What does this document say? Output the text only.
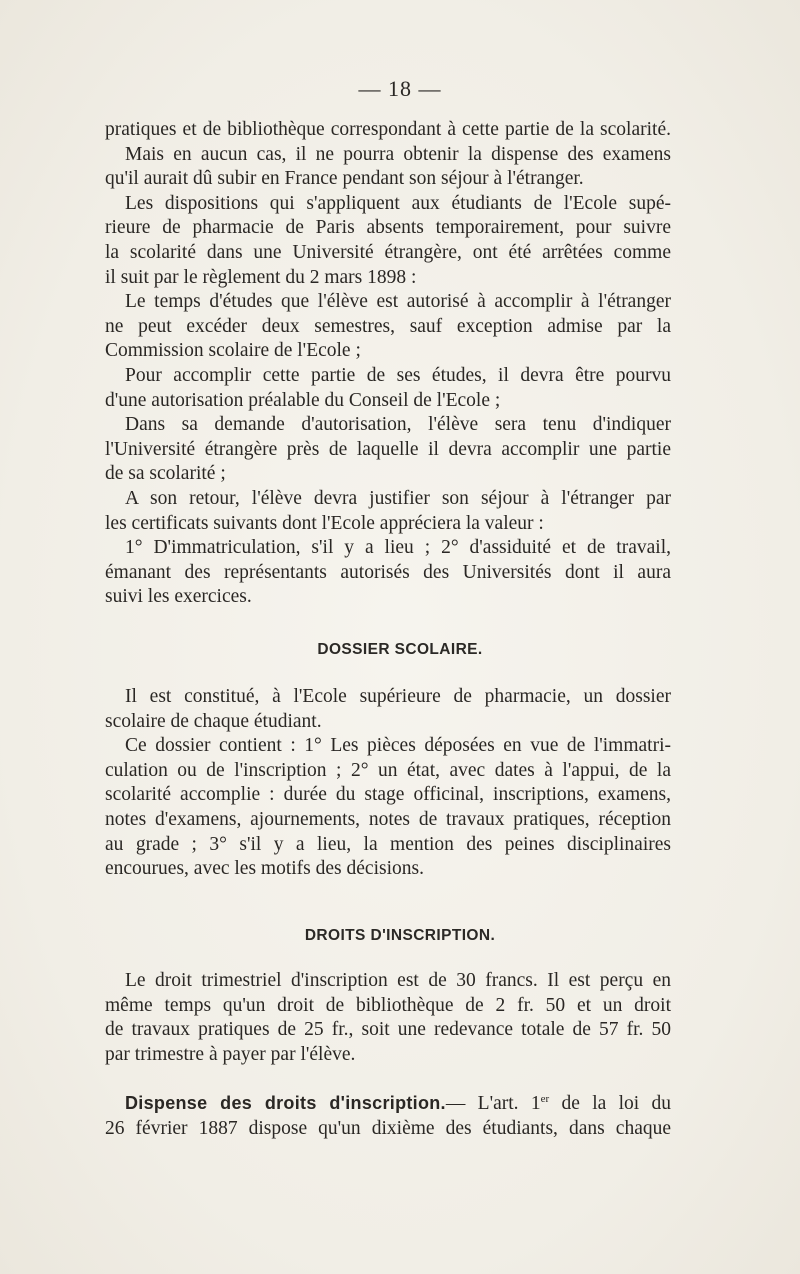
— 18 —
pratiques et de bibliothèque correspondant à cette partie de la scolarité.
Mais en aucun cas, il ne pourra obtenir la dispense des examens
qu'il aurait dû subir en France pendant son séjour à l'étranger.
Les dispositions qui s'appliquent aux étudiants de l'Ecole supé-
rieure de pharmacie de Paris absents temporairement, pour suivre
la scolarité dans une Université étrangère, ont été arrêtées comme
il suit par le règlement du 2 mars 1898 :
Le temps d'études que l'élève est autorisé à accomplir à l'étranger
ne peut excéder deux semestres, sauf exception admise par la
Commission scolaire de l'Ecole ;
Pour accomplir cette partie de ses études, il devra être pourvu
d'une autorisation préalable du Conseil de l'Ecole ;
Dans sa demande d'autorisation, l'élève sera tenu d'indiquer
l'Université étrangère près de laquelle il devra accomplir une partie
de sa scolarité ;
A son retour, l'élève devra justifier son séjour à l'étranger par
les certificats suivants dont l'Ecole appréciera la valeur :
1° D'immatriculation, s'il y a lieu ; 2° d'assiduité et de travail,
émanant des représentants autorisés des Universités dont il aura
suivi les exercices.
DOSSIER SCOLAIRE.
Il est constitué, à l'Ecole supérieure de pharmacie, un dossier
scolaire de chaque étudiant.
Ce dossier contient : 1° Les pièces déposées en vue de l'immatri-
culation ou de l'inscription ; 2° un état, avec dates à l'appui, de la
scolarité accomplie : durée du stage officinal, inscriptions, examens,
notes d'examens, ajournements, notes de travaux pratiques, réception
au grade ; 3° s'il y a lieu, la mention des peines disciplinaires
encourues, avec les motifs des décisions.
DROITS D'INSCRIPTION.
Le droit trimestriel d'inscription est de 30 francs. Il est perçu en
même temps qu'un droit de bibliothèque de 2 fr. 50 et un droit
de travaux pratiques de 25 fr., soit une redevance totale de 57 fr. 50
par trimestre à payer par l'élève.
Dispense des droits d'inscription.— L'art. 1er de la loi du
26 février 1887 dispose qu'un dixième des étudiants, dans chaque
